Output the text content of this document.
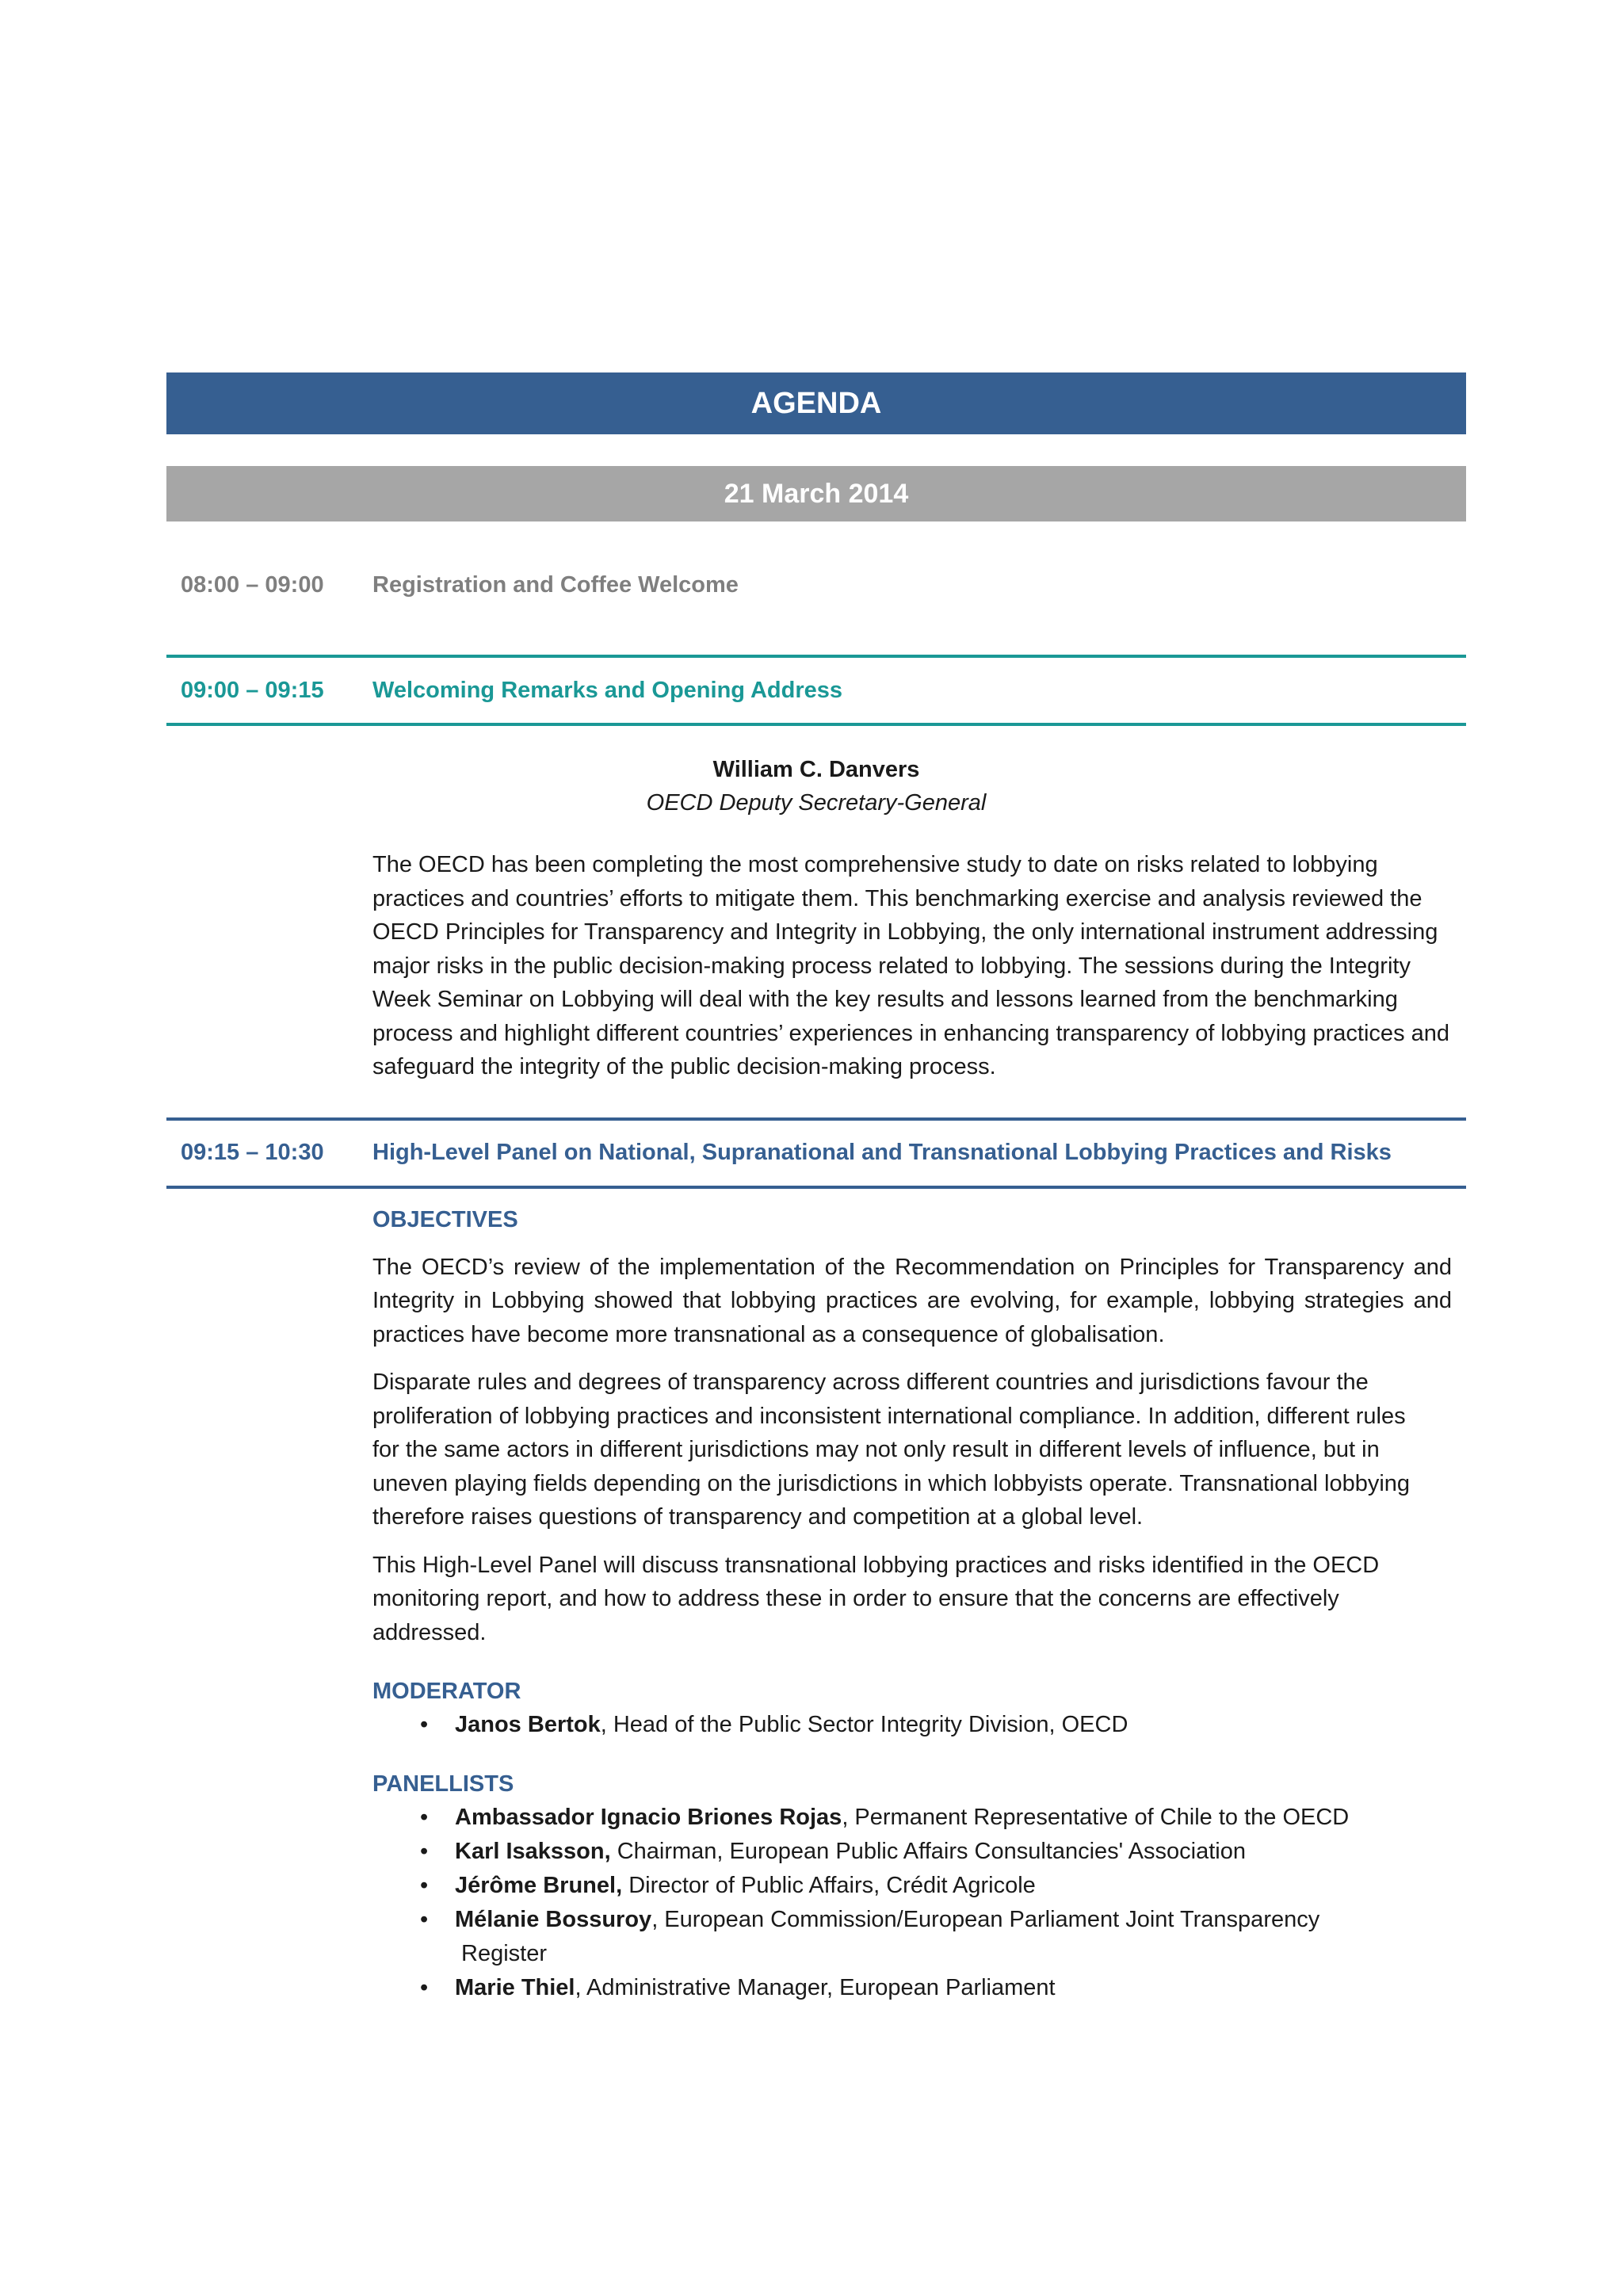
AGENDA
21 March 2014
08:00 – 09:00	Registration and Coffee Welcome
09:00 – 09:15	Welcoming Remarks and Opening Address
William C. Danvers
OECD Deputy Secretary-General

The OECD has been completing the most comprehensive study to date on risks related to lobbying practices and countries’ efforts to mitigate them. This benchmarking exercise and analysis reviewed the OECD Principles for Transparency and Integrity in Lobbying, the only international instrument addressing major risks in the public decision-making process related to lobbying. The sessions during the Integrity Week Seminar on Lobbying will deal with the key results and lessons learned from the benchmarking process and highlight different countries’ experiences in enhancing transparency of lobbying practices and safeguard the integrity of the public decision-making process.

09:15 – 10:30	High-Level Panel on National, Supranational and Transnational Lobbying Practices and Risks
OBJECTIVES

The OECD’s review of the implementation of the Recommendation on Principles for Transparency and Integrity in Lobbying showed that lobbying practices are evolving, for example, lobbying strategies and practices have become more transnational as a consequence of globalisation.

Disparate rules and degrees of transparency across different countries and jurisdictions favour the proliferation of lobbying practices and inconsistent international compliance. In addition, different rules for the same actors in different jurisdictions may not only result in different levels of influence, but in uneven playing fields depending on the jurisdictions in which lobbyists operate. Transnational lobbying therefore raises questions of transparency and competition at a global level.

This High-Level Panel will discuss transnational lobbying practices and risks identified in the OECD monitoring report, and how to address these in order to ensure that the concerns are effectively addressed.

MODERATOR
• Janos Bertok, Head of the Public Sector Integrity Division, OECD
PANELLISTS
• Ambassador Ignacio Briones Rojas, Permanent Representative of Chile to the OECD
• Karl Isaksson, Chairman, European Public Affairs Consultancies' Association
• Jérôme Brunel, Director of Public Affairs, Crédit Agricole
• Mélanie Bossuroy, European Commission/European Parliament Joint Transparency
Register
• Marie Thiel, Administrative Manager, European Parliament
